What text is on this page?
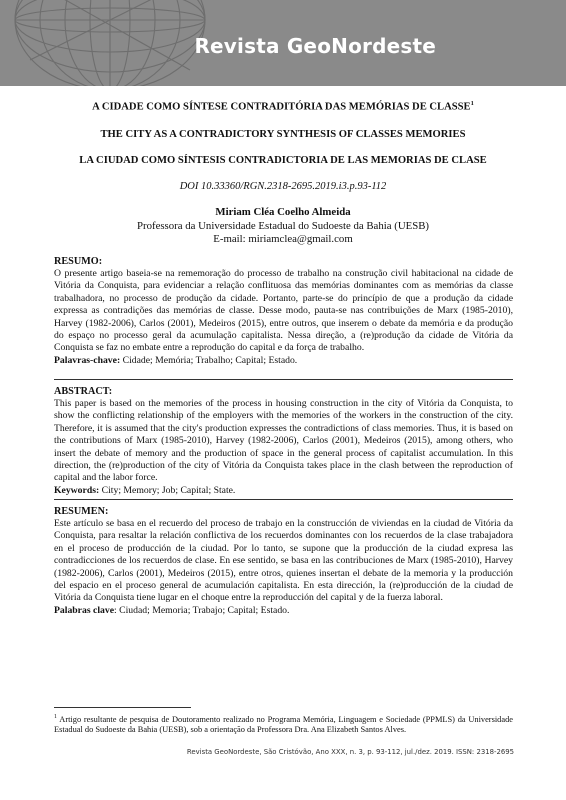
Revista GeoNordeste
A CIDADE COMO SÍNTESE CONTRADITÓRIA DAS MEMÓRIAS DE CLASSE$^1$
THE CITY AS A CONTRADICTORY SYNTHESIS OF CLASSES MEMORIES
LA CIUDAD COMO SÍNTESIS CONTRADICTORIA DE LAS MEMORIAS DE CLASE
DOI 10.33360/RGN.2318-2695.2019.i3.p.93-112
Miriam Cléa Coelho Almeida
Professora da Universidade Estadual do Sudoeste da Bahia (UESB)
E-mail: miriamclea@gmail.com
RESUMO:

O presente artigo baseia-se na rememoração do processo de trabalho na construção civil habitacional na cidade de Vitória da Conquista, para evidenciar a relação conflituosa das memórias dominantes com as memórias da classe trabalhadora, no processo de produção da cidade. Portanto, parte-se do princípio de que a produção da cidade expressa as contradições das memórias de classe. Desse modo, pauta-se nas contribuições de Marx (1985-2010), Harvey (1982-2006), Carlos (2001), Medeiros (2015), entre outros, que inserem o debate da memória e da produção do espaço no processo geral da acumulação capitalista. Nessa direção, a (re)produção da cidade de Vitória da Conquista se faz no embate entre a reprodução do capital e da força de trabalho.

Palavras-chave: Cidade; Memória; Trabalho; Capital; Estado.
ABSTRACT:

This paper is based on the memories of the process in housing construction in the city of Vitória da Conquista, to show the conflicting relationship of the employers with the memories of the workers in the construction of the city. Therefore, it is assumed that the city's production expresses the contradictions of class memories. Thus, it is based on the contributions of Marx (1985-2010), Harvey (1982-2006), Carlos (2001), Medeiros (2015), among others, who insert the debate of memory and the production of space in the general process of capitalist accumulation. In this direction, the (re)production of the city of Vitória da Conquista takes place in the clash between the reproduction of capital and the labor force.

Keywords: City; Memory; Job; Capital; State.
RESUMEN:

Este artículo se basa en el recuerdo del proceso de trabajo en la construcción de viviendas en la ciudad de Vitória da Conquista, para resaltar la relación conflictiva de los recuerdos dominantes con los recuerdos de la clase trabajadora en el proceso de producción de la ciudad. Por lo tanto, se supone que la producción de la ciudad expresa las contradicciones de los recuerdos de clase. En ese sentido, se basa en las contribuciones de Marx (1985-2010), Harvey (1982-2006), Carlos (2001), Medeiros (2015), entre otros, quienes insertan el debate de la memoria y la producción del espacio en el proceso general de acumulación capitalista. En esta dirección, la (re)producción de la ciudad de Vitória da Conquista tiene lugar en el choque entre la reproducción del capital y de la fuerza laboral.

Palabras clave: Ciudad; Memoria; Trabajo; Capital; Estado.
$^1$ Artigo resultante de pesquisa de Doutoramento realizado no Programa Memória, Linguagem e Sociedade (PPMLS) da Universidade Estadual do Sudoeste da Bahia (UESB), sob a orientação da Professora Dra. Ana Elizabeth Santos Alves.
Revista GeoNordeste, São Cristóvão, Ano XXX, n. 3, p. 93-112, jul./dez. 2019. ISSN: 2318-2695
